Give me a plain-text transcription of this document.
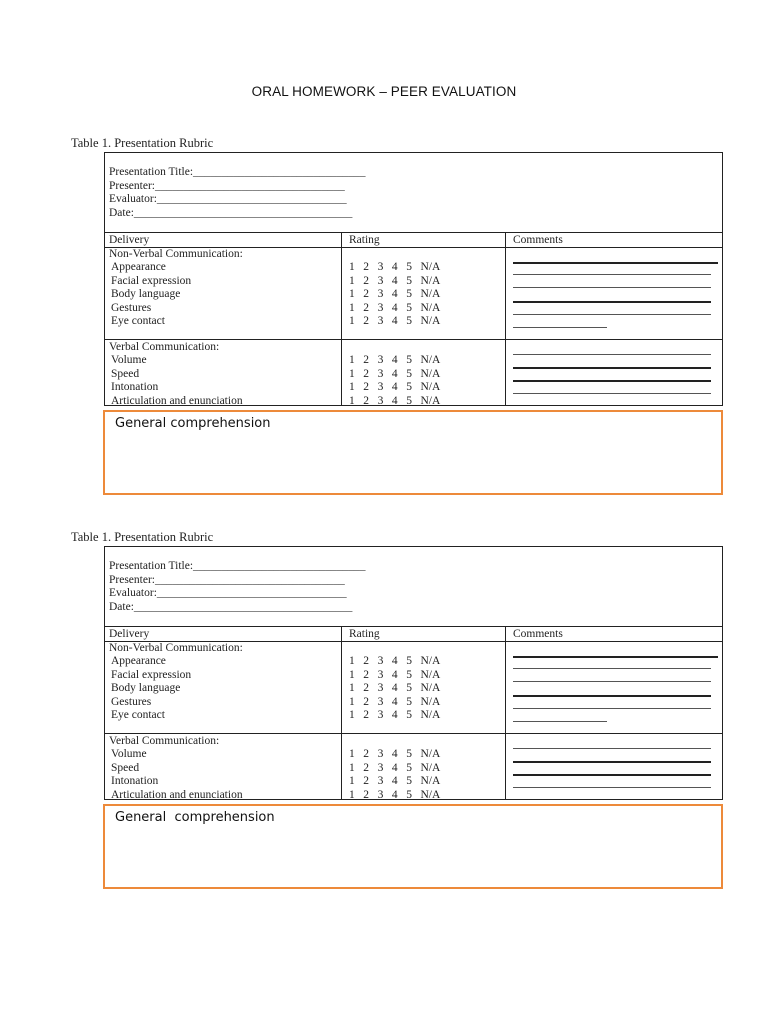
ORAL HOMEWORK – PEER EVALUATION
Table 1. Presentation Rubric
Presentation Title:______________________________
Presenter:_________________________________
Evaluator:_________________________________
Date:______________________________________
Delivery	Rating	Comments
Non-Verbal Communication:
Appearance	1 2 3 4 5 N/A
Facial expression	1 2 3 4 5 N/A
Body language	1 2 3 4 5 N/A
Gestures	1 2 3 4 5 N/A
Eye contact	1 2 3 4 5 N/A
Verbal Communication:
Volume	1 2 3 4 5 N/A
Speed	1 2 3 4 5 N/A
Intonation	1 2 3 4 5 N/A
Articulation and enunciation	1 2 3 4 5 N/A
General comprehension
Table 1. Presentation Rubric
Presentation Title:______________________________
Presenter:_________________________________
Evaluator:_________________________________
Date:______________________________________
Delivery	Rating	Comments
Non-Verbal Communication:
Appearance	1 2 3 4 5 N/A
Facial expression	1 2 3 4 5 N/A
Body language	1 2 3 4 5 N/A
Gestures	1 2 3 4 5 N/A
Eye contact	1 2 3 4 5 N/A
Verbal Communication:
Volume	1 2 3 4 5 N/A
Speed	1 2 3 4 5 N/A
Intonation	1 2 3 4 5 N/A
Articulation and enunciation	1 2 3 4 5 N/A
General  comprehension
